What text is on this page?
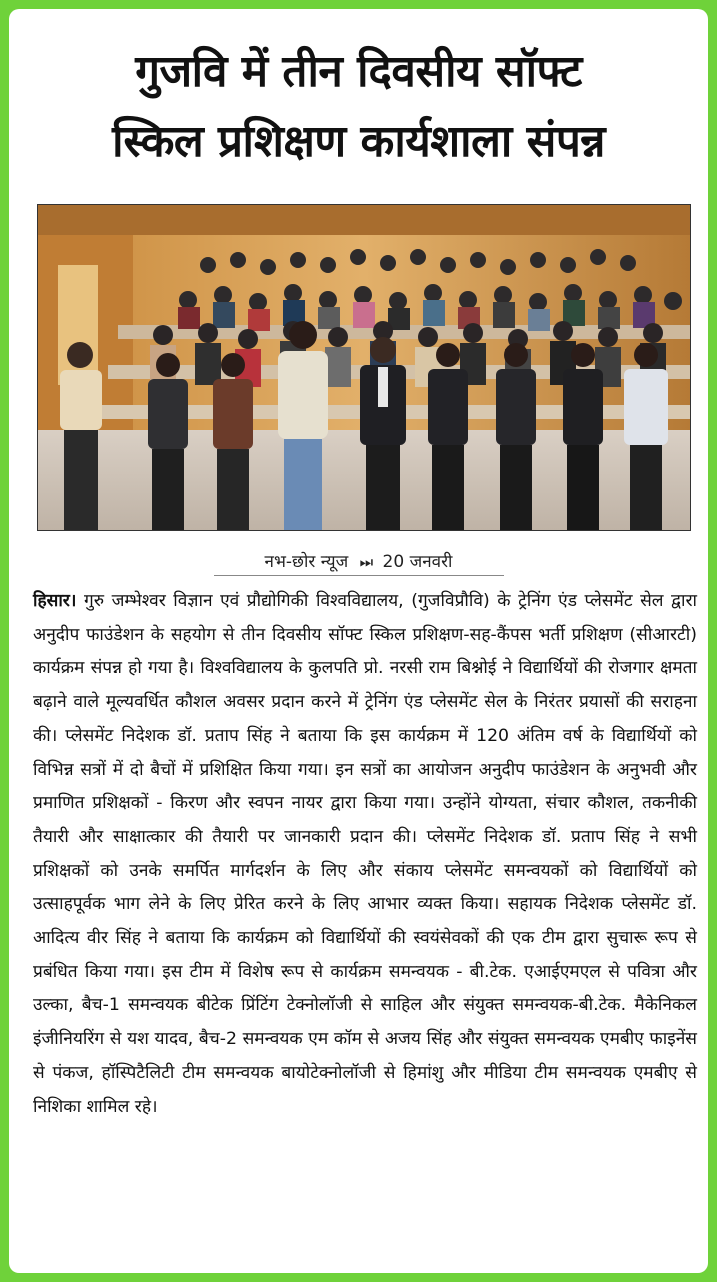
गुजवि में तीन दिवसीय सॉफ्ट
स्किल प्रशिक्षण कार्यशाला संपन्न
नभ-छोर न्यूज ⏭ 20 जनवरी
हिसार। गुरु जम्भेश्वर विज्ञान एवं प्रौद्योगिकी विश्वविद्यालय, (गुजविप्रौवि) के ट्रेनिंग एंड प्लेसमेंट सेल द्वारा अनुदीप फाउंडेशन के सहयोग से तीन दिवसीय सॉफ्ट स्किल प्रशिक्षण-सह-कैंपस भर्ती प्रशिक्षण (सीआरटी) कार्यक्रम संपन्न हो गया है। विश्वविद्यालय के कुलपति प्रो. नरसी राम बिश्नोई ने विद्यार्थियों की रोजगार क्षमता बढ़ाने वाले मूल्यवर्धित कौशल अवसर प्रदान करने में ट्रेनिंग एंड प्लेसमेंट सेल के निरंतर प्रयासों की सराहना की। प्लेसमेंट निदेशक डॉ. प्रताप सिंह ने बताया कि इस कार्यक्रम में 120 अंतिम वर्ष के विद्यार्थियों को विभिन्न सत्रों में दो बैचों में प्रशिक्षित किया गया। इन सत्रों का आयोजन अनुदीप फाउंडेशन के अनुभवी और प्रमाणित प्रशिक्षकों - किरण और स्वपन नायर द्वारा किया गया। उन्होंने योग्यता, संचार कौशल, तकनीकी तैयारी और साक्षात्कार की तैयारी पर जानकारी प्रदान की। प्लेसमेंट निदेशक डॉ. प्रताप सिंह ने सभी प्रशिक्षकों को उनके समर्पित मार्गदर्शन के लिए और संकाय प्लेसमेंट समन्वयकों को विद्यार्थियों को उत्साहपूर्वक भाग लेने के लिए प्रेरित करने के लिए आभार व्यक्त किया। सहायक निदेशक प्लेसमेंट डॉ. आदित्य वीर सिंह ने बताया कि कार्यक्रम को विद्यार्थियों की स्वयंसेवकों की एक टीम द्वारा सुचारू रूप से प्रबंधित किया गया। इस टीम में विशेष रूप से कार्यक्रम समन्वयक - बी.टेक. एआईएमएल से पवित्रा और उल्का, बैच-1 समन्वयक बीटेक प्रिंटिंग टेक्नोलॉजी से साहिल और संयुक्त समन्वयक-बी.टेक. मैकेनिकल इंजीनियरिंग से यश यादव, बैच-2 समन्वयक एम कॉम से अजय सिंह और संयुक्त समन्वयक एमबीए फाइनेंस से पंकज, हॉस्पिटैलिटी टीम समन्वयक बायोटेक्नोलॉजी से हिमांशु और मीडिया टीम समन्वयक एमबीए से निशिका शामिल रहे।
